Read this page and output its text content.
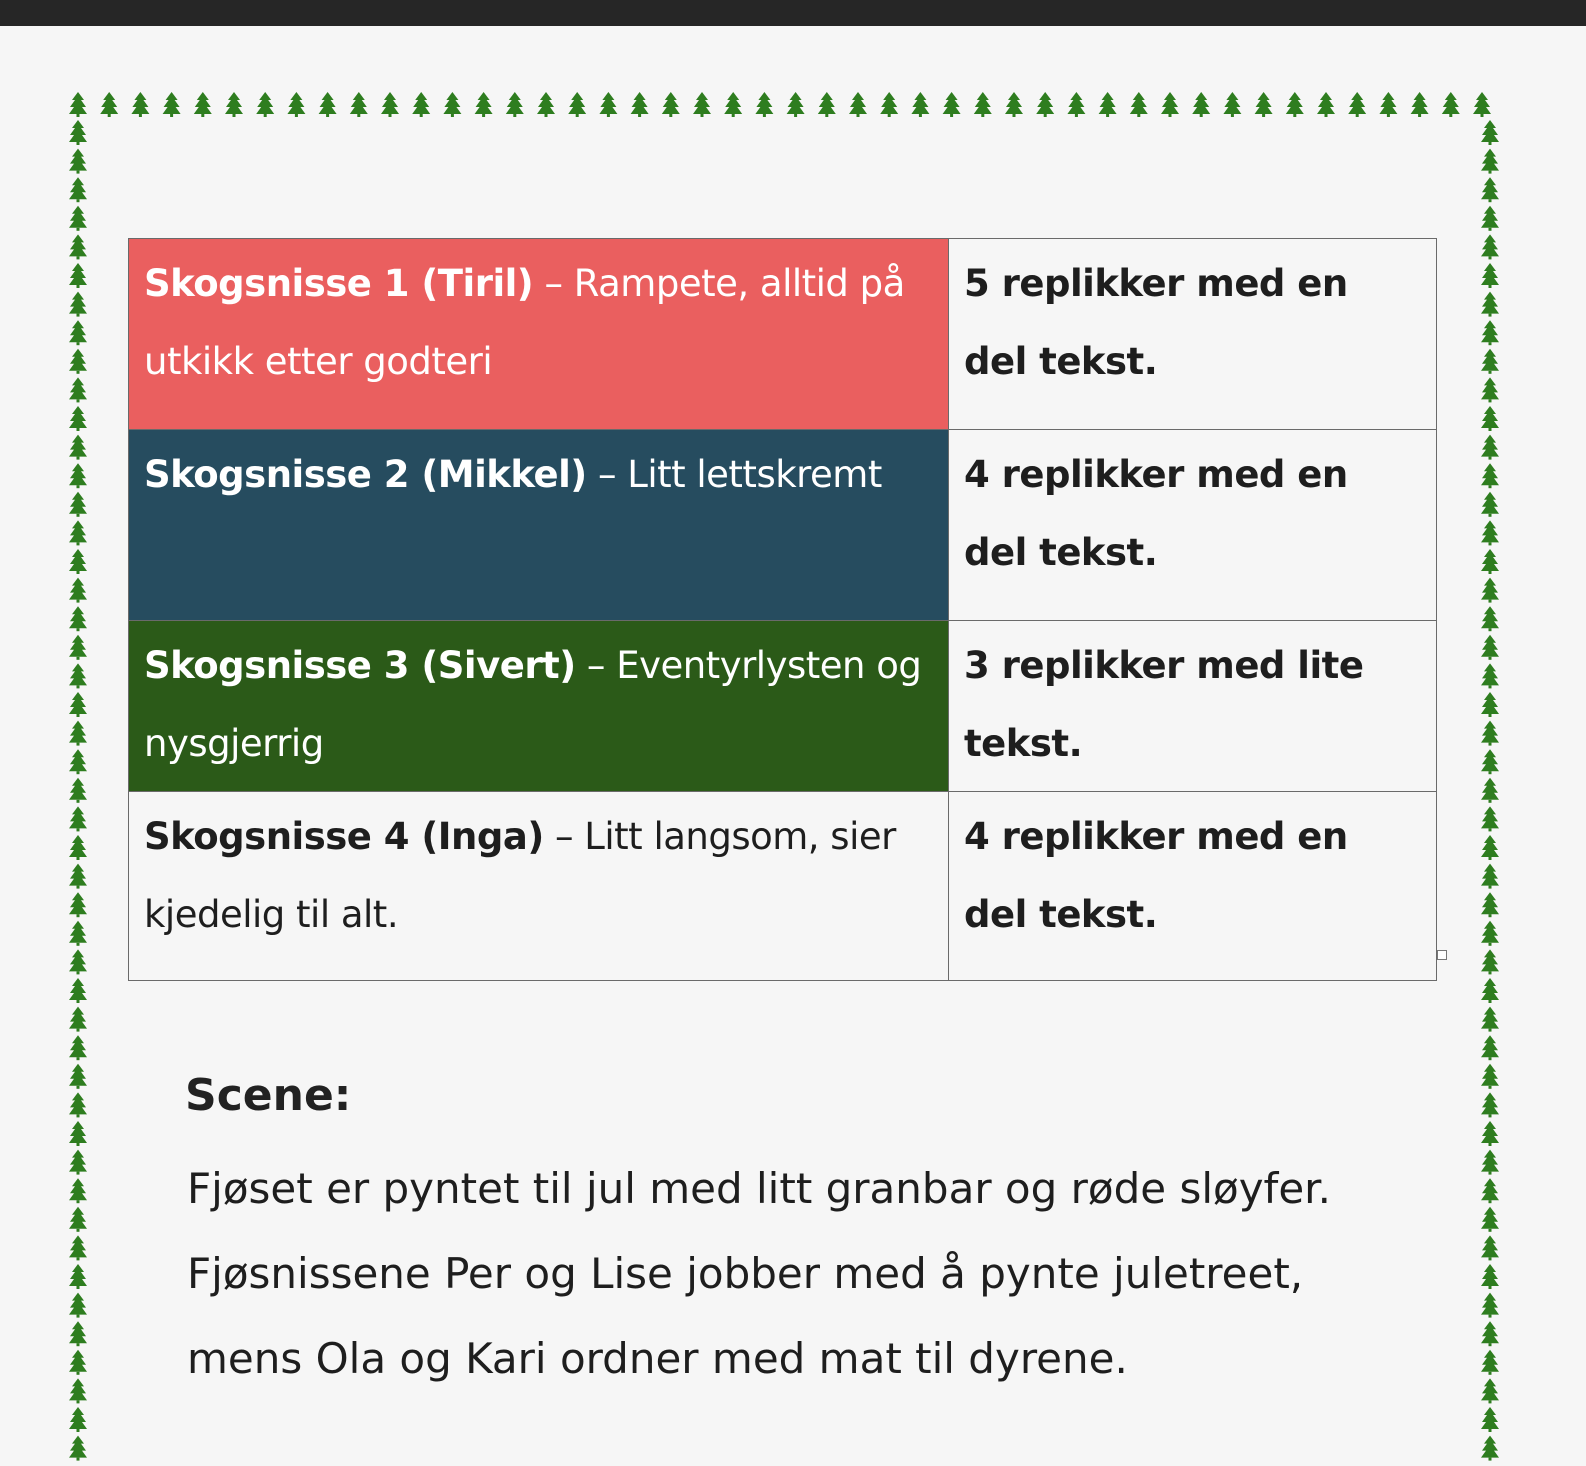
Skogsnisse 1 (Tiril) – Rampete, alltid på utkikk etter godteri	5 replikker med en del tekst.
Skogsnisse 2 (Mikkel) – Litt lettskremt	4 replikker med en del tekst.
Skogsnisse 3 (Sivert) – Eventyrlysten og nysgjerrig	3 replikker med lite tekst.
Skogsnisse 4 (Inga) – Litt langsom, sier kjedelig til alt.	4 replikker med en del tekst.
Scene:

Fjøset er pyntet til jul med litt granbar og røde sløyfer. Fjøsnissene Per og Lise jobber med å pynte juletreet, mens Ola og Kari ordner med mat til dyrene.
